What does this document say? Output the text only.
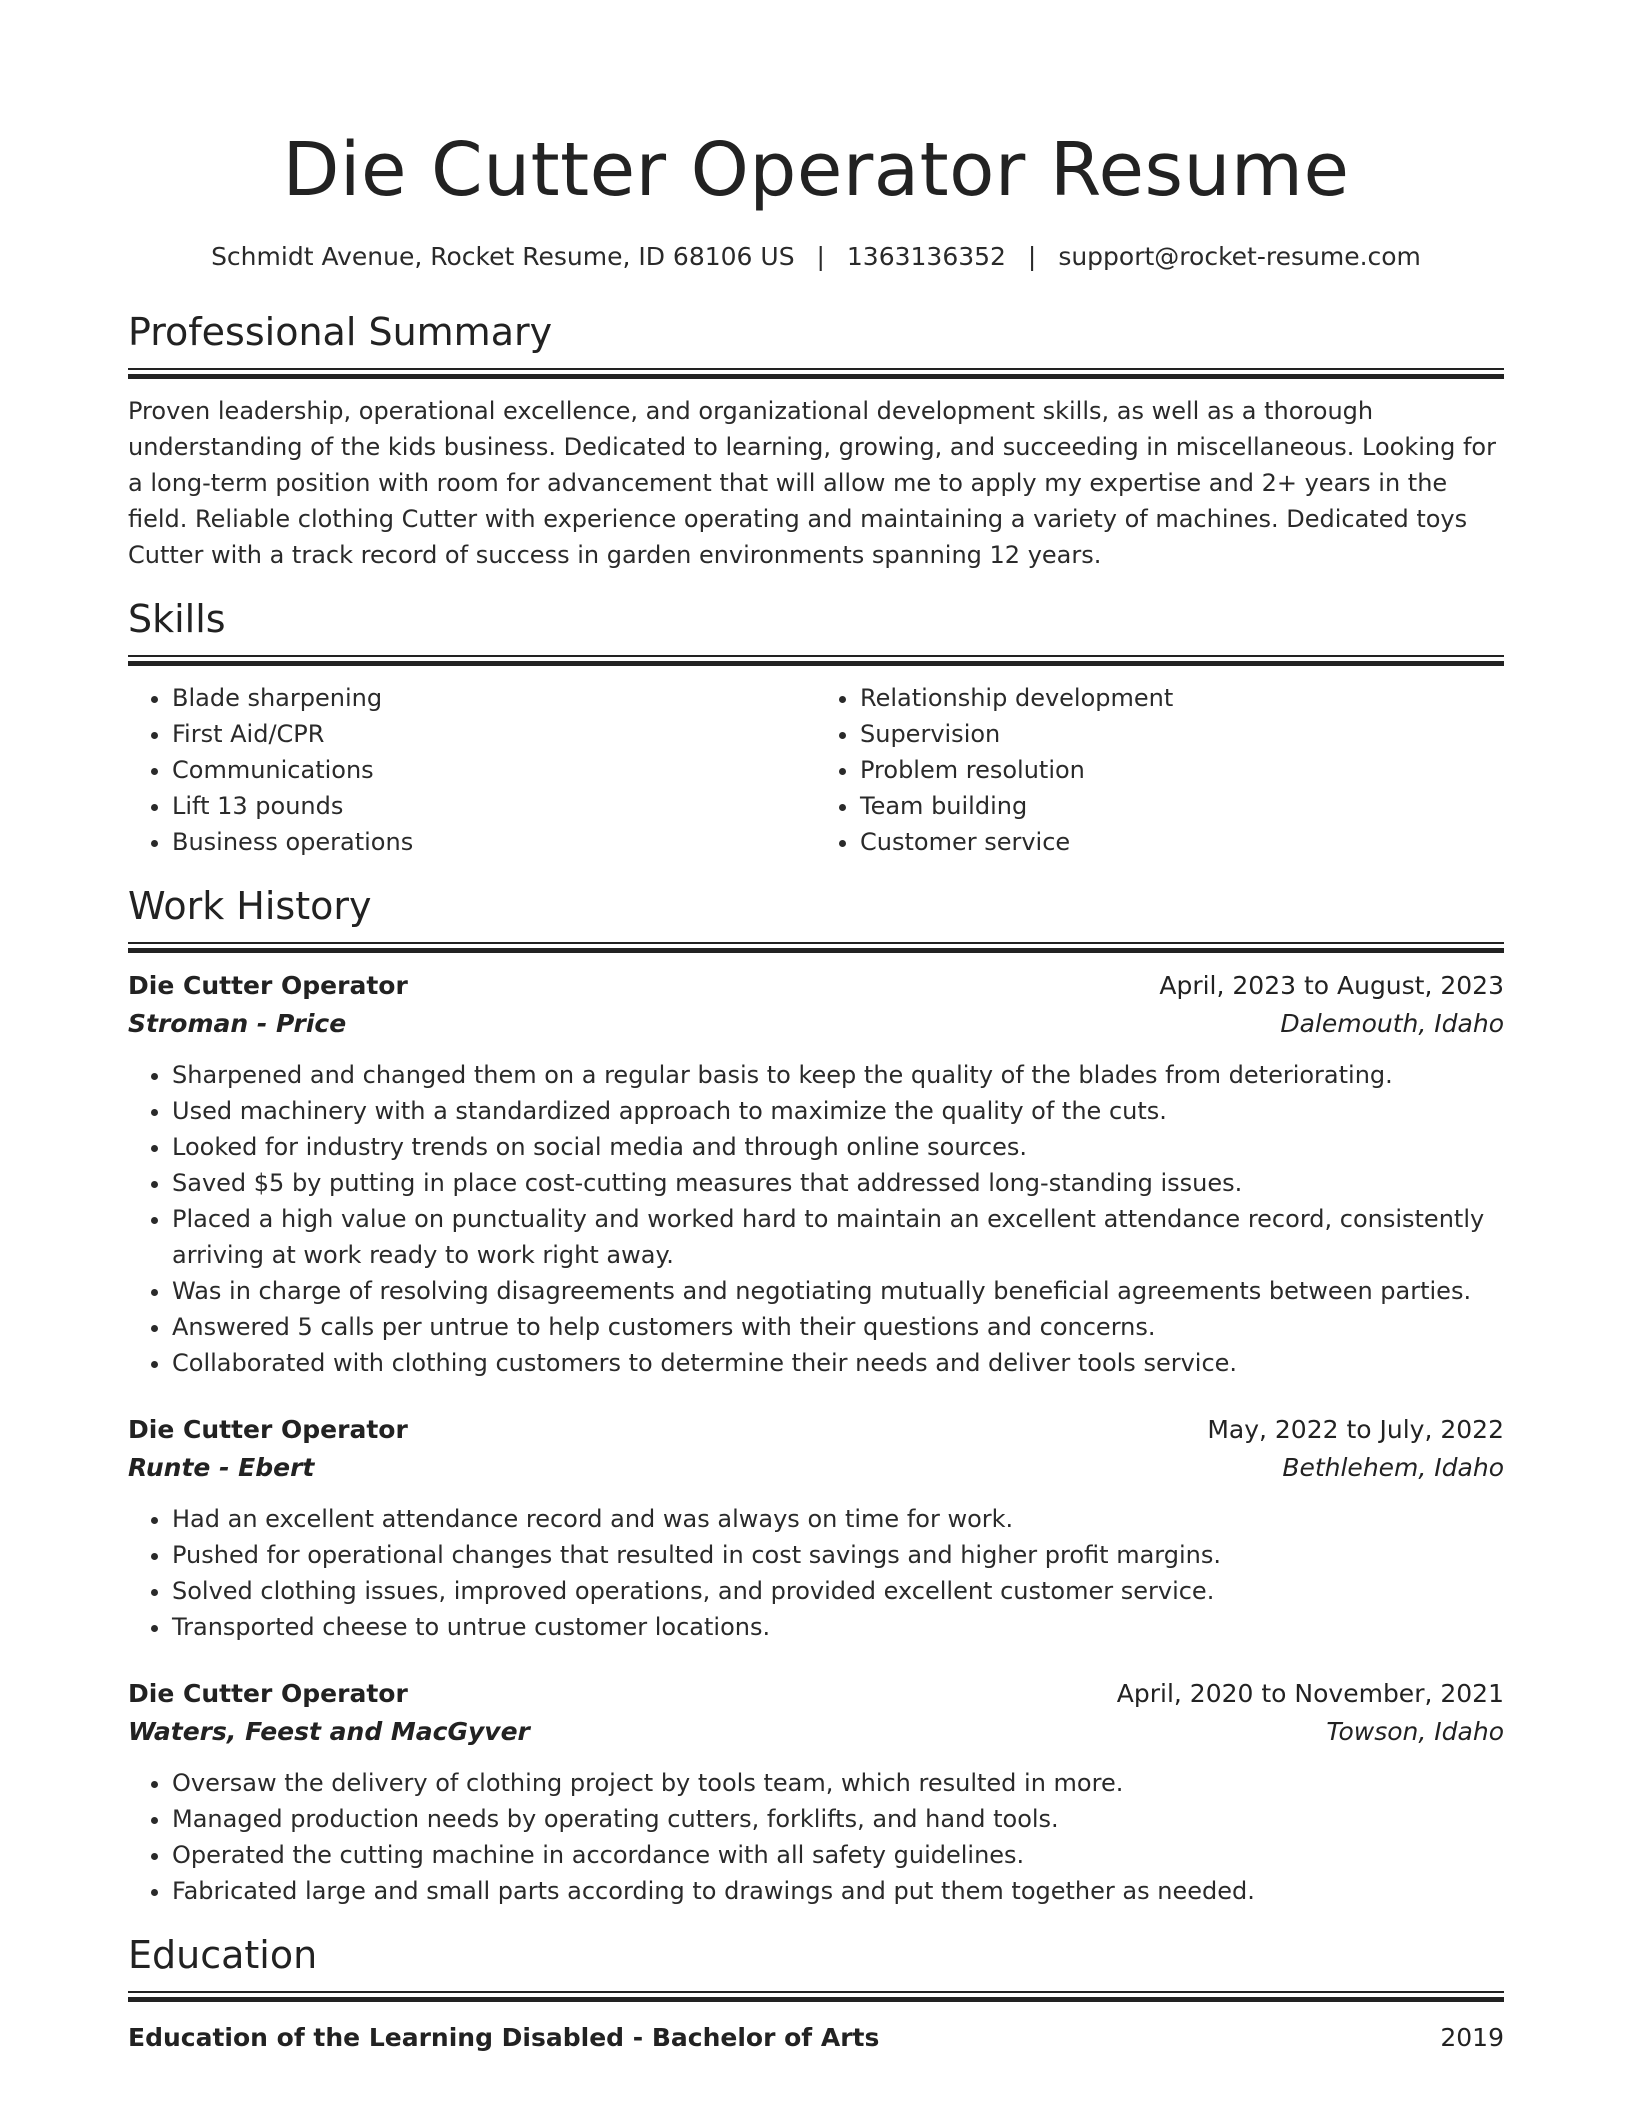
Die Cutter Operator Resume
Schmidt Avenue, Rocket Resume, ID 68106 US | 1363136352 | support@rocket-resume.com
Professional Summary

Proven leadership, operational excellence, and organizational development skills, as well as a thorough understanding of the kids business. Dedicated to learning, growing, and succeeding in miscellaneous. Looking for a long-term position with room for advancement that will allow me to apply my expertise and 2+ years in the field. Reliable clothing Cutter with experience operating and maintaining a variety of machines. Dedicated toys Cutter with a track record of success in garden environments spanning 12 years.

Skills
• Blade sharpening
• First Aid/CPR
• Communications
• Lift 13 pounds
• Business operations
• Relationship development
• Supervision
• Problem resolution
• Team building
• Customer service
Work History
Die Cutter Operator	April, 2023 to August, 2023
Stroman - Price	Dalemouth, Idaho
• Sharpened and changed them on a regular basis to keep the quality of the blades from deteriorating.
• Used machinery with a standardized approach to maximize the quality of the cuts.
• Looked for industry trends on social media and through online sources.
• Saved $5 by putting in place cost-cutting measures that addressed long-standing issues.
• Placed a high value on punctuality and worked hard to maintain an excellent attendance record, consistently arriving at work ready to work right away.
• Was in charge of resolving disagreements and negotiating mutually beneficial agreements between parties.
• Answered 5 calls per untrue to help customers with their questions and concerns.
• Collaborated with clothing customers to determine their needs and deliver tools service.
Die Cutter Operator	May, 2022 to July, 2022
Runte - Ebert	Bethlehem, Idaho
• Had an excellent attendance record and was always on time for work.
• Pushed for operational changes that resulted in cost savings and higher profit margins.
• Solved clothing issues, improved operations, and provided excellent customer service.
• Transported cheese to untrue customer locations.
Die Cutter Operator	April, 2020 to November, 2021
Waters, Feest and MacGyver	Towson, Idaho
• Oversaw the delivery of clothing project by tools team, which resulted in more.
• Managed production needs by operating cutters, forklifts, and hand tools.
• Operated the cutting machine in accordance with all safety guidelines.
• Fabricated large and small parts according to drawings and put them together as needed.
Education
Education of the Learning Disabled - Bachelor of Arts	2019
